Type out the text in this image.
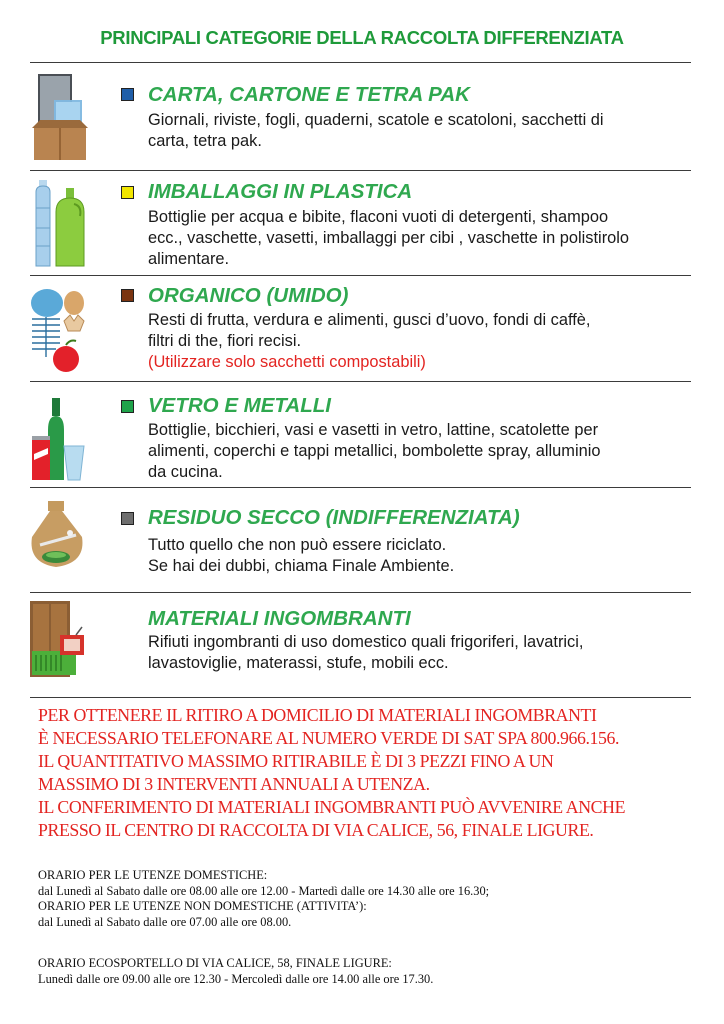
PRINCIPALI CATEGORIE DELLA RACCOLTA DIFFERENZIATA
CARTA, CARTONE E TETRA PAK
Giornali, riviste, fogli, quaderni, scatole e scatoloni, sacchetti di
carta, tetra pak.
IMBALLAGGI IN PLASTICA
Bottiglie per acqua e bibite, flaconi vuoti di detergenti, shampoo
ecc., vaschette, vasetti, imballaggi per cibi , vaschette in polistirolo
alimentare.
ORGANICO (UMIDO)
Resti di frutta, verdura e alimenti, gusci d’uovo, fondi di caffè,
filtri di the, fiori recisi.
(Utilizzare solo sacchetti compostabili)
VETRO E METALLI
Bottiglie, bicchieri, vasi e vasetti in vetro, lattine, scatolette per
alimenti, coperchi e tappi metallici, bombolette spray, alluminio
da cucina.
RESIDUO SECCO (INDIFFERENZIATA)
Tutto quello che non può essere riciclato.
Se hai dei dubbi, chiama Finale Ambiente.
MATERIALI INGOMBRANTI
Rifiuti ingombranti di uso domestico quali frigoriferi, lavatrici,
lavastoviglie, materassi, stufe, mobili ecc.
PER OTTENERE IL RITIRO A DOMICILIO DI MATERIALI INGOMBRANTI
È NECESSARIO TELEFONARE AL NUMERO VERDE DI SAT SPA 800.966.156.
IL QUANTITATIVO MASSIMO RITIRABILE È DI 3 PEZZI FINO A UN
MASSIMO DI 3 INTERVENTI ANNUALI A UTENZA.
IL CONFERIMENTO DI MATERIALI INGOMBRANTI PUÒ AVVENIRE ANCHE
PRESSO IL CENTRO DI RACCOLTA DI VIA CALICE, 56, FINALE LIGURE.
ORARIO PER LE UTENZE DOMESTICHE:
dal Lunedì al Sabato dalle ore 08.00 alle ore 12.00 - Martedì dalle ore 14.30 alle ore 16.30;
ORARIO PER LE UTENZE NON DOMESTICHE (ATTIVITA’):
dal Lunedì al Sabato dalle ore 07.00 alle ore 08.00.
ORARIO ECOSPORTELLO DI VIA CALICE, 58, FINALE LIGURE:
Lunedì dalle ore 09.00 alle ore 12.30 - Mercoledì dalle ore 14.00 alle ore 17.30.
